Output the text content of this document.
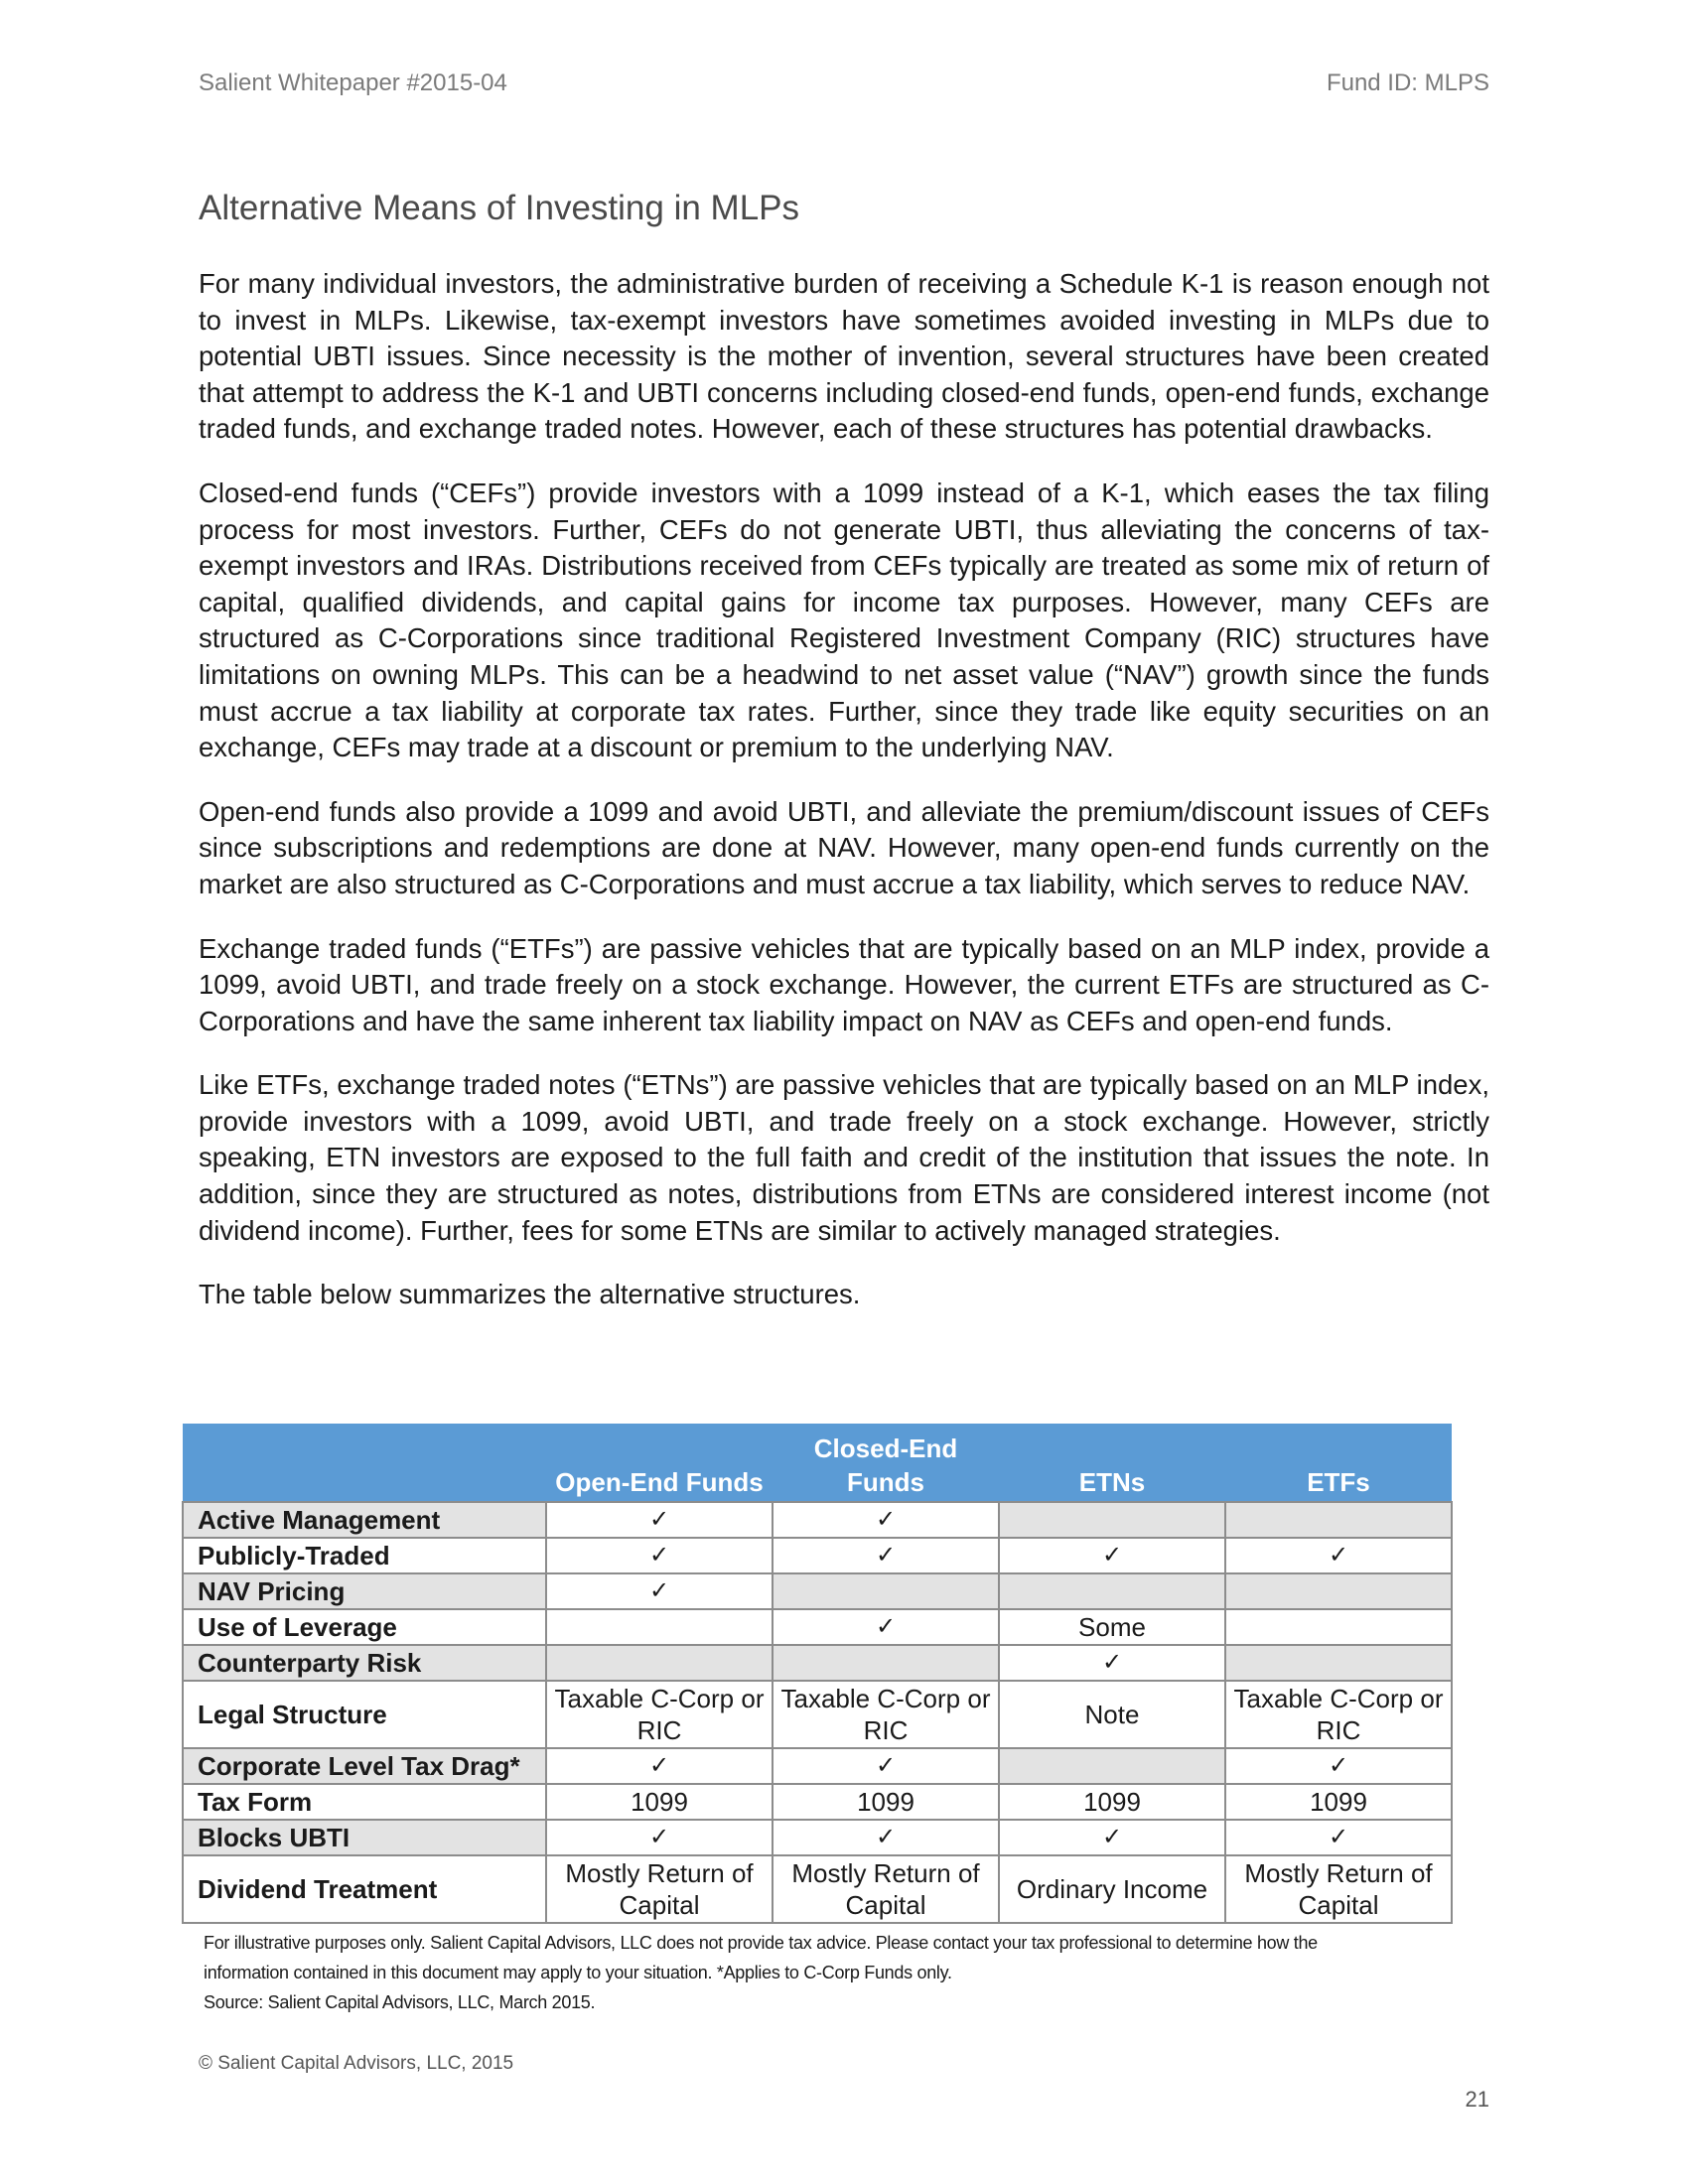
Salient Whitepaper #2015-04	Fund ID: MLPS
Alternative Means of Investing in MLPs

For many individual investors, the administrative burden of receiving a Schedule K-1 is reason enough not to invest in MLPs. Likewise, tax-exempt investors have sometimes avoided investing in MLPs due to potential UBTI issues. Since necessity is the mother of invention, several structures have been created that attempt to address the K-1 and UBTI concerns including closed-end funds, open-end funds, exchange traded funds, and exchange traded notes. However, each of these structures has potential drawbacks.

Closed-end funds (“CEFs”) provide investors with a 1099 instead of a K-1, which eases the tax filing process for most investors. Further, CEFs do not generate UBTI, thus alleviating the concerns of tax-exempt investors and IRAs. Distributions received from CEFs typically are treated as some mix of return of capital, qualified dividends, and capital gains for income tax purposes. However, many CEFs are structured as C-Corporations since traditional Registered Investment Company (RIC) structures have limitations on owning MLPs. This can be a headwind to net asset value (“NAV”) growth since the funds must accrue a tax liability at corporate tax rates. Further, since they trade like equity securities on an exchange, CEFs may trade at a discount or premium to the underlying NAV.

Open-end funds also provide a 1099 and avoid UBTI, and alleviate the premium/discount issues of CEFs since subscriptions and redemptions are done at NAV. However, many open-end funds currently on the market are also structured as C-Corporations and must accrue a tax liability, which serves to reduce NAV.

Exchange traded funds (“ETFs”) are passive vehicles that are typically based on an MLP index, provide a 1099, avoid UBTI, and trade freely on a stock exchange. However, the current ETFs are structured as C-Corporations and have the same inherent tax liability impact on NAV as CEFs and open-end funds.

Like ETFs, exchange traded notes (“ETNs”) are passive vehicles that are typically based on an MLP index, provide investors with a 1099, avoid UBTI, and trade freely on a stock exchange. However, strictly speaking, ETN investors are exposed to the full faith and credit of the institution that issues the note. In addition, since they are structured as notes, distributions from ETNs are considered interest income (not dividend income). Further, fees for some ETNs are similar to actively managed strategies.

The table below summarizes the alternative structures.

	Open-End Funds	Closed-End Funds	ETNs	ETFs
Active Management	✓	✓		
Publicly-Traded	✓	✓	✓	✓
NAV Pricing	✓			
Use of Leverage		✓	Some	
Counterparty Risk			✓	
Legal Structure	Taxable C-Corp or RIC	Taxable C-Corp or RIC	Note	Taxable C-Corp or RIC
Corporate Level Tax Drag*	✓	✓		✓
Tax Form	1099	1099	1099	1099
Blocks UBTI	✓	✓	✓	✓
Dividend Treatment	Mostly Return of Capital	Mostly Return of Capital	Ordinary Income	Mostly Return of Capital
For illustrative purposes only. Salient Capital Advisors, LLC does not provide tax advice. Please contact your tax professional to determine how the information contained in this document may apply to your situation. *Applies to C-Corp Funds only.
Source: Salient Capital Advisors, LLC, March 2015.
© Salient Capital Advisors, LLC, 2015
21
